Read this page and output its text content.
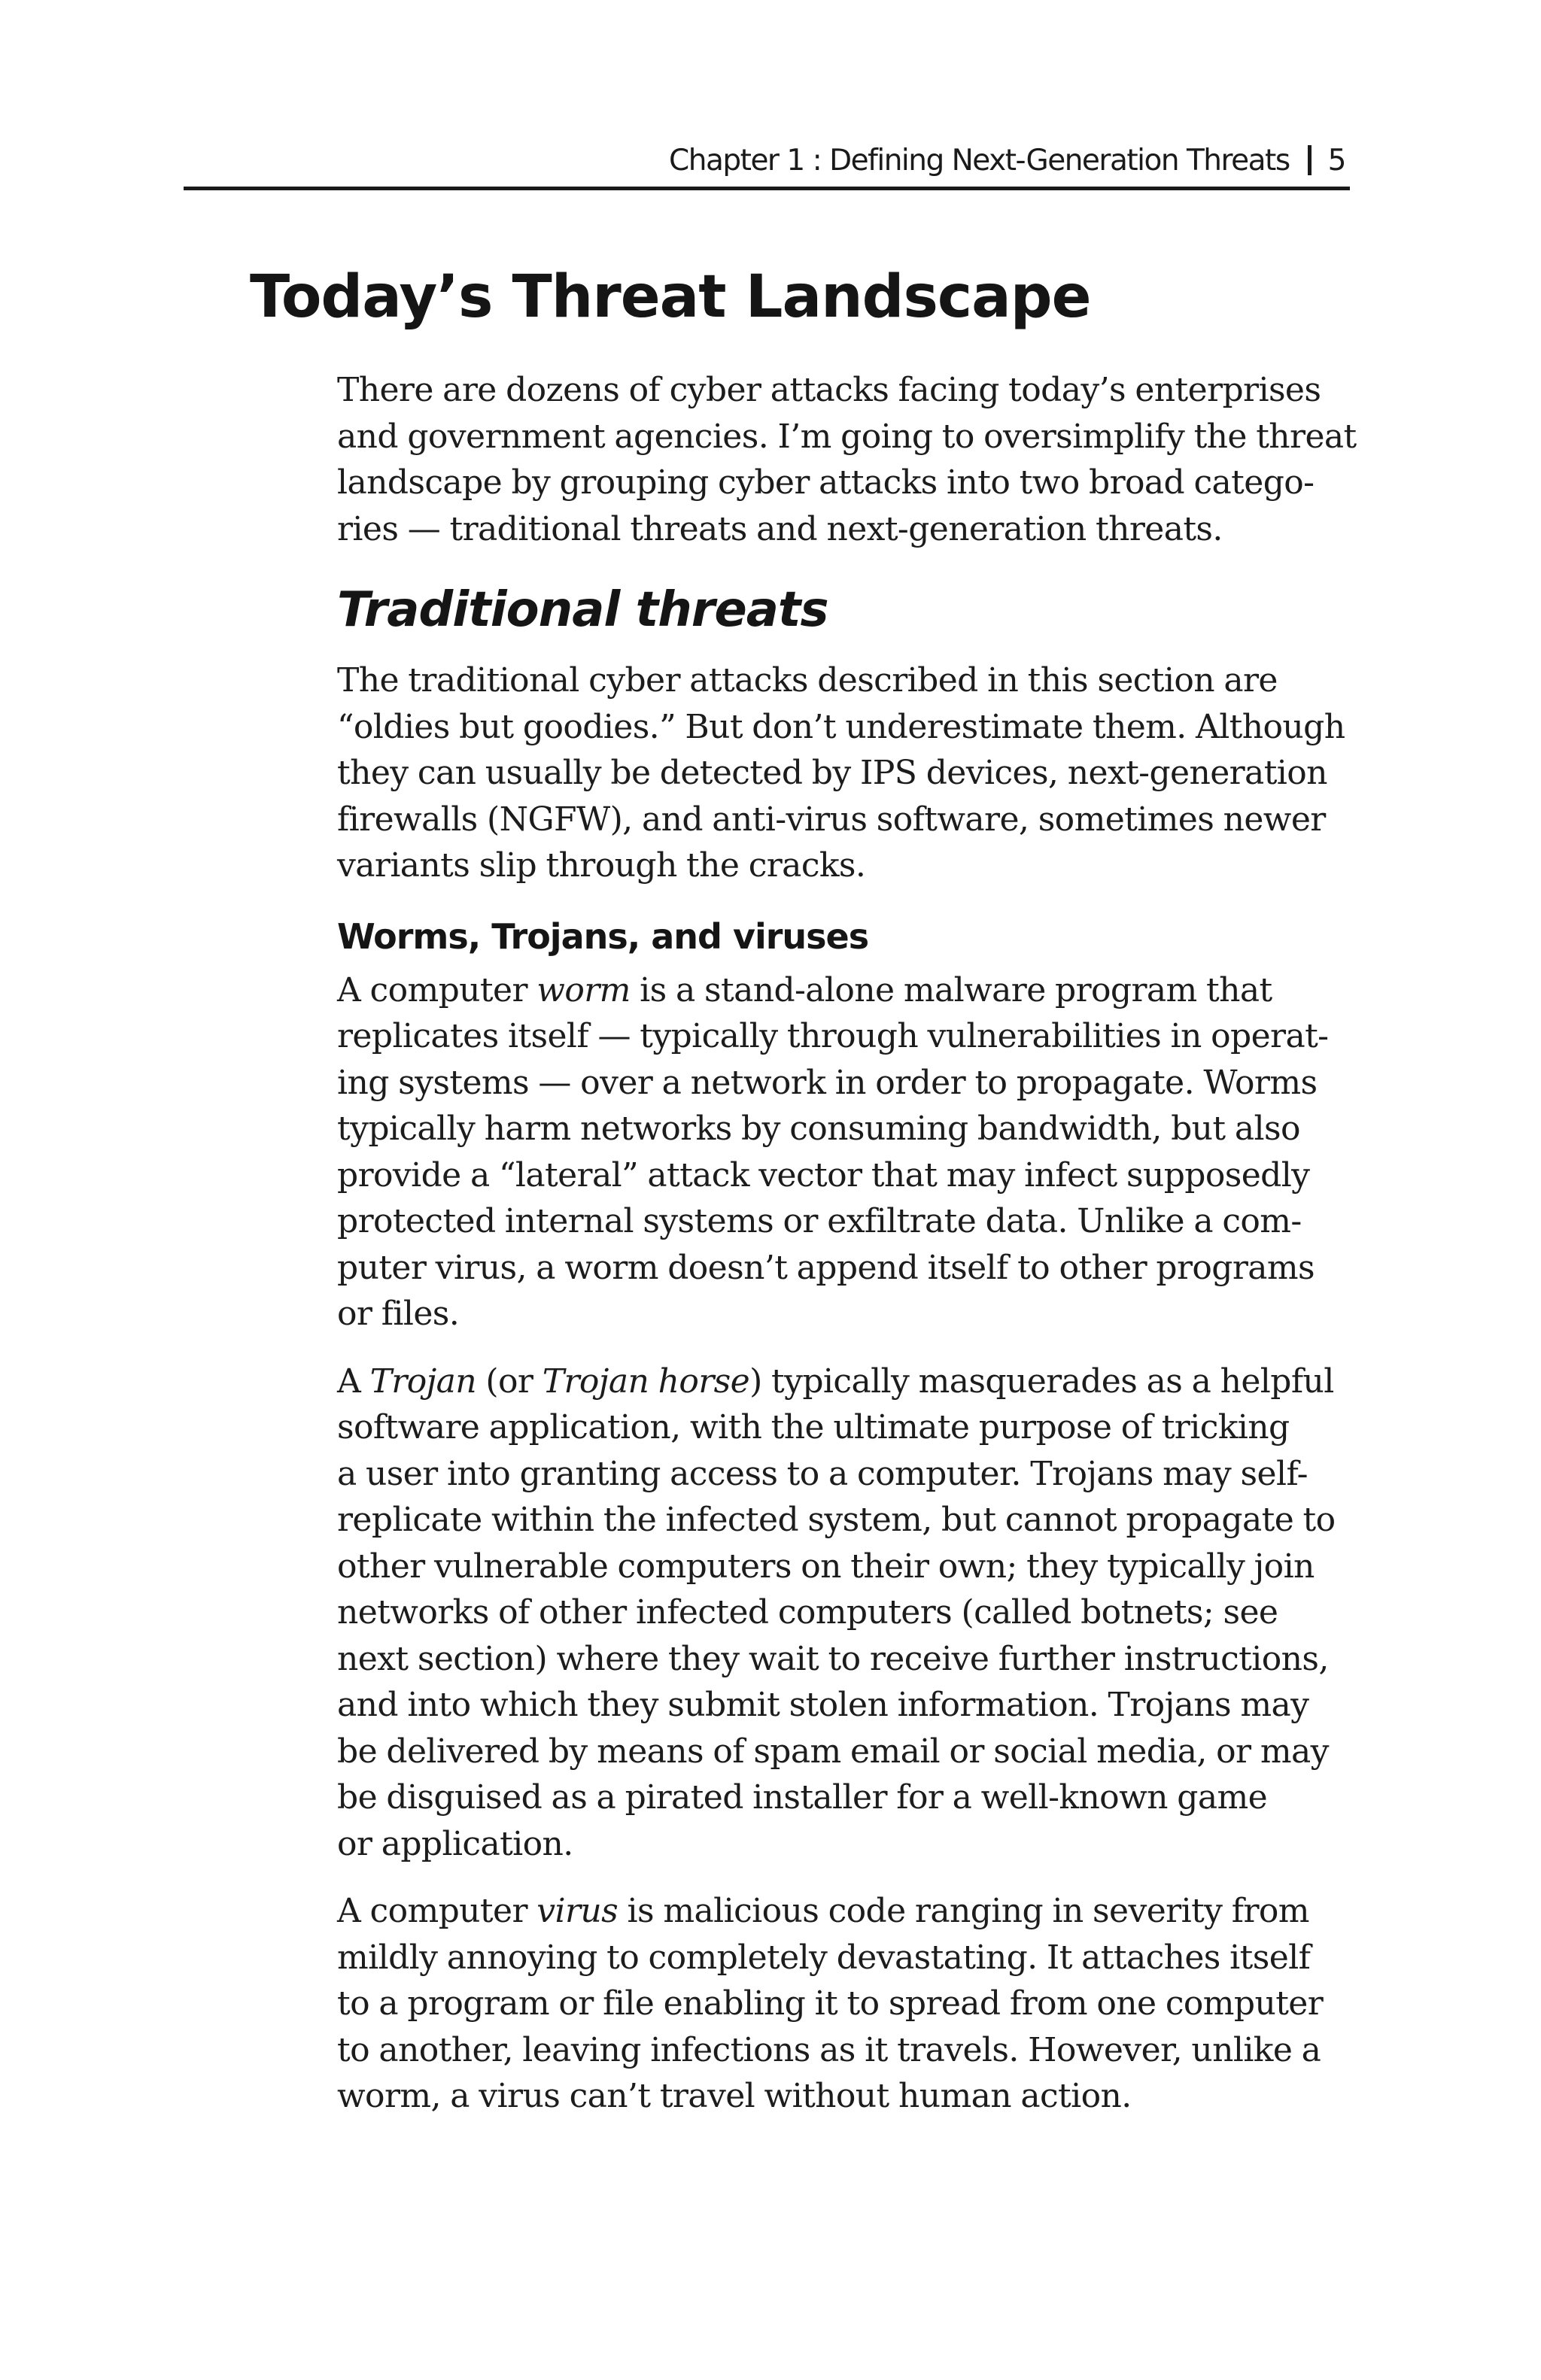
Chapter 1 : Defining Next-Generation Threats 5
Today’s Threat Landscape

There are dozens of cyber attacks facing today’s enterprises
and government agencies. I’m going to oversimplify the threat
landscape by grouping cyber attacks into two broad catego-
ries — traditional threats and next-generation threats.

Traditional threats

The traditional cyber attacks described in this section are
“oldies but goodies.” But don’t underestimate them. Although
they can usually be detected by IPS devices, next-generation
firewalls (NGFW), and anti-virus software, sometimes newer
variants slip through the cracks.

Worms, Trojans, and viruses

A computer worm is a stand-alone malware program that
replicates itself — typically through vulnerabilities in operat-
ing systems — over a network in order to propagate. Worms
typically harm networks by consuming bandwidth, but also
provide a “lateral” attack vector that may infect supposedly
protected internal systems or exfiltrate data. Unlike a com-
puter virus, a worm doesn’t append itself to other programs
or files.

A Trojan (or Trojan horse) typically masquerades as a helpful
software application, with the ultimate purpose of tricking
a user into granting access to a computer. Trojans may self-
replicate within the infected system, but cannot propagate to
other vulnerable computers on their own; they typically join
networks of other infected computers (called botnets; see
next section) where they wait to receive further instructions,
and into which they submit stolen information. Trojans may
be delivered by means of spam email or social media, or may
be disguised as a pirated installer for a well-known game
or application.

A computer virus is malicious code ranging in severity from
mildly annoying to completely devastating. It attaches itself
to a program or file enabling it to spread from one computer
to another, leaving infections as it travels. However, unlike a
worm, a virus can’t travel without human action.
